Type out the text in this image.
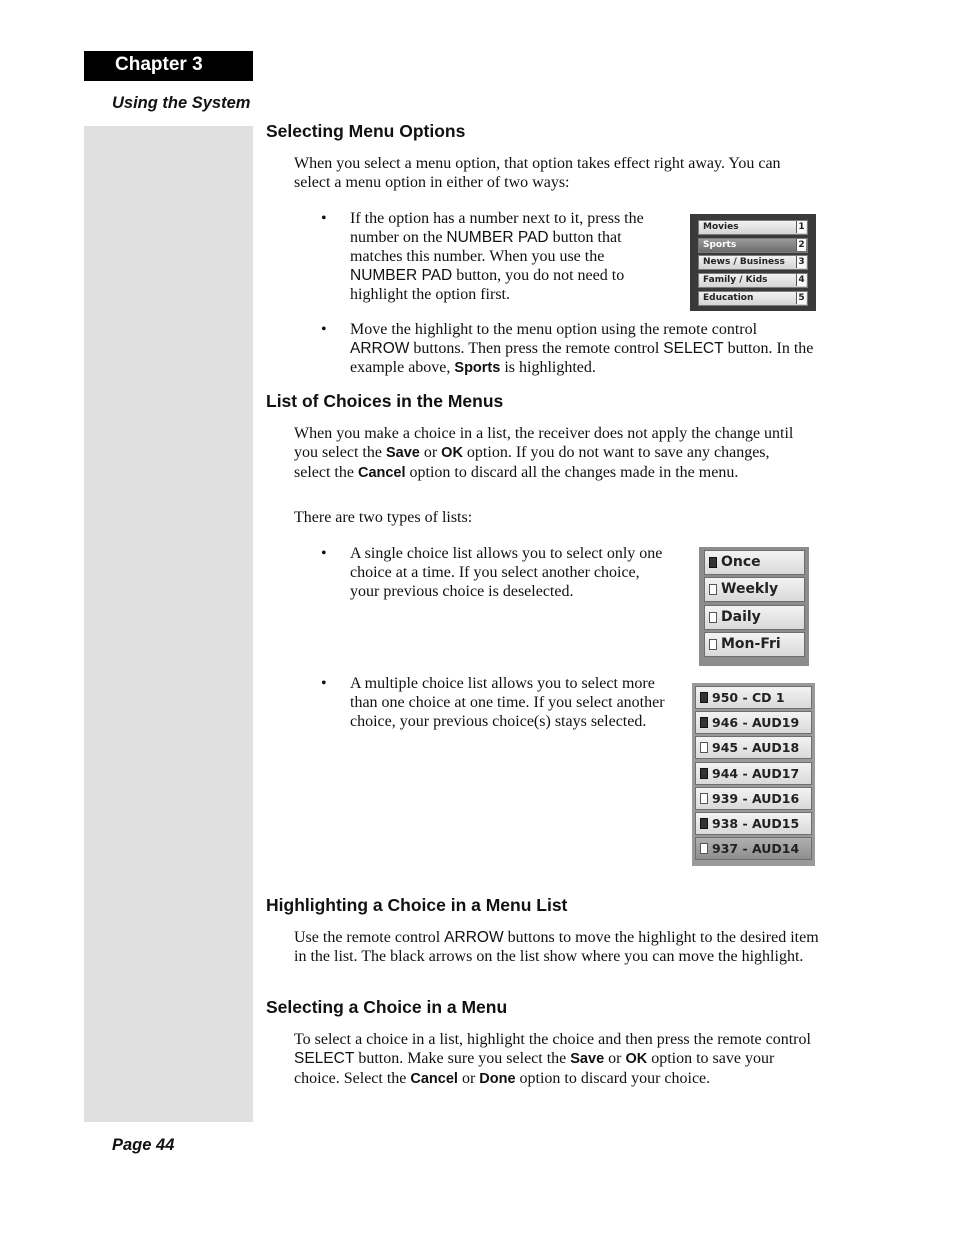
Chapter 3
Using the System
Selecting Menu Options
When you select a menu option, that option takes effect right away. You can select a menu option in either of two ways:
• If the option has a number next to it, press the number on the NUMBER PAD button that matches this number. When you use the NUMBER PAD button, you do not need to highlight the option first.
Movies	1
Sports	2
News / Business 3
Family / Kids	4
Education	5
• Move the highlight to the menu option using the remote control ARROW buttons. Then press the remote control SELECT button. In the example above, Sports is highlighted.
List of Choices in the Menus
When you make a choice in a list, the receiver does not apply the change until you select the Save or OK option. If you do not want to save any changes, select the Cancel option to discard all the changes made in the menu.
There are two types of lists:
• A single choice list allows you to select only one choice at a time. If you select another choice, your previous choice is deselected.
Once
Weekly
Daily
Mon-Fri
• A multiple choice list allows you to select more than one choice at one time. If you select another choice, your previous choice(s) stays selected.
950 - CD 1
946 - AUD19
945 - AUD18
944 - AUD17
939 - AUD16
938 - AUD15
937 - AUD14
Highlighting a Choice in a Menu List
Use the remote control ARROW buttons to move the highlight to the desired item in the list. The black arrows on the list show where you can move the highlight.
Selecting a Choice in a Menu
To select a choice in a list, highlight the choice and then press the remote control SELECT button. Make sure you select the Save or OK option to save your choice. Select the Cancel or Done option to discard your choice.
Page 44
